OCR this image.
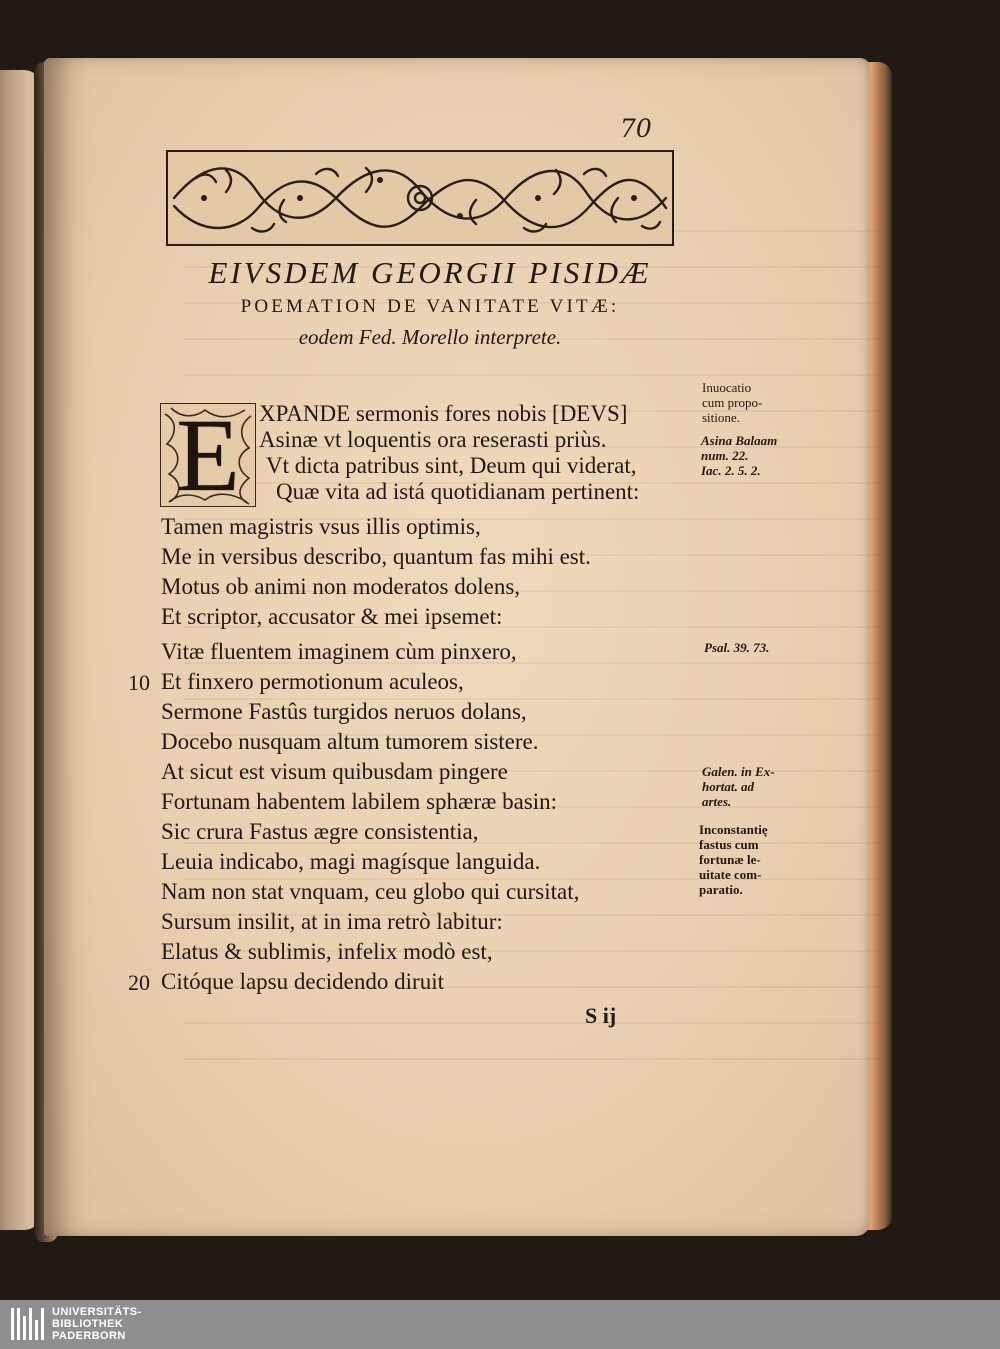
70
EIVSDEM GEORGII PISIDÆ
POEMATION DE VANITATE VITÆ:
eodem Fed. Morello interprete.
E XPANDE sermonis fores nobis [DEVS]
Asinæ vt loquentis ora reserasti priùs.
Vt dicta patribus sint, Deum qui viderat,
Quæ vita ad istá quotidianam pertinent:
Tamen magistris vsus illis optimis,
Me in versibus describo, quantum fas mihi est.
Motus ob animi non moderatos dolens,
Et scriptor, accusator & mei ipsemet:
Vitæ fluentem imaginem cùm pinxero,
Et finxero permotionum aculeos,
Sermone Fastûs turgidos neruos dolans,
Docebo nusquam altum tumorem sistere.
At sicut est visum quibusdam pingere
Fortunam habentem labilem sphæræ basin:
Sic crura Fastus ægre consistentia,
Leuia indicabo, magi magísque languida.
Nam non stat vnquam, ceu globo qui cursitat,
Sursum insilit, at in ima retrò labitur:
Elatus & sublimis, infelix modò est,
Citóque lapsu decidendo diruit
10
20
Inuocatio
cum propo-
sitione.
Asina Balaam
num. 22.
Iac. 2. 5. 2.
Psal. 39. 73.
Galen. in Ex-
hortat. ad
artes.
Inconstantię
fastus cum
fortunæ le-
uitate com-
paratio.
S ij
UNIVERSITÄTS-
BIBLIOTHEK
PADERBORN
